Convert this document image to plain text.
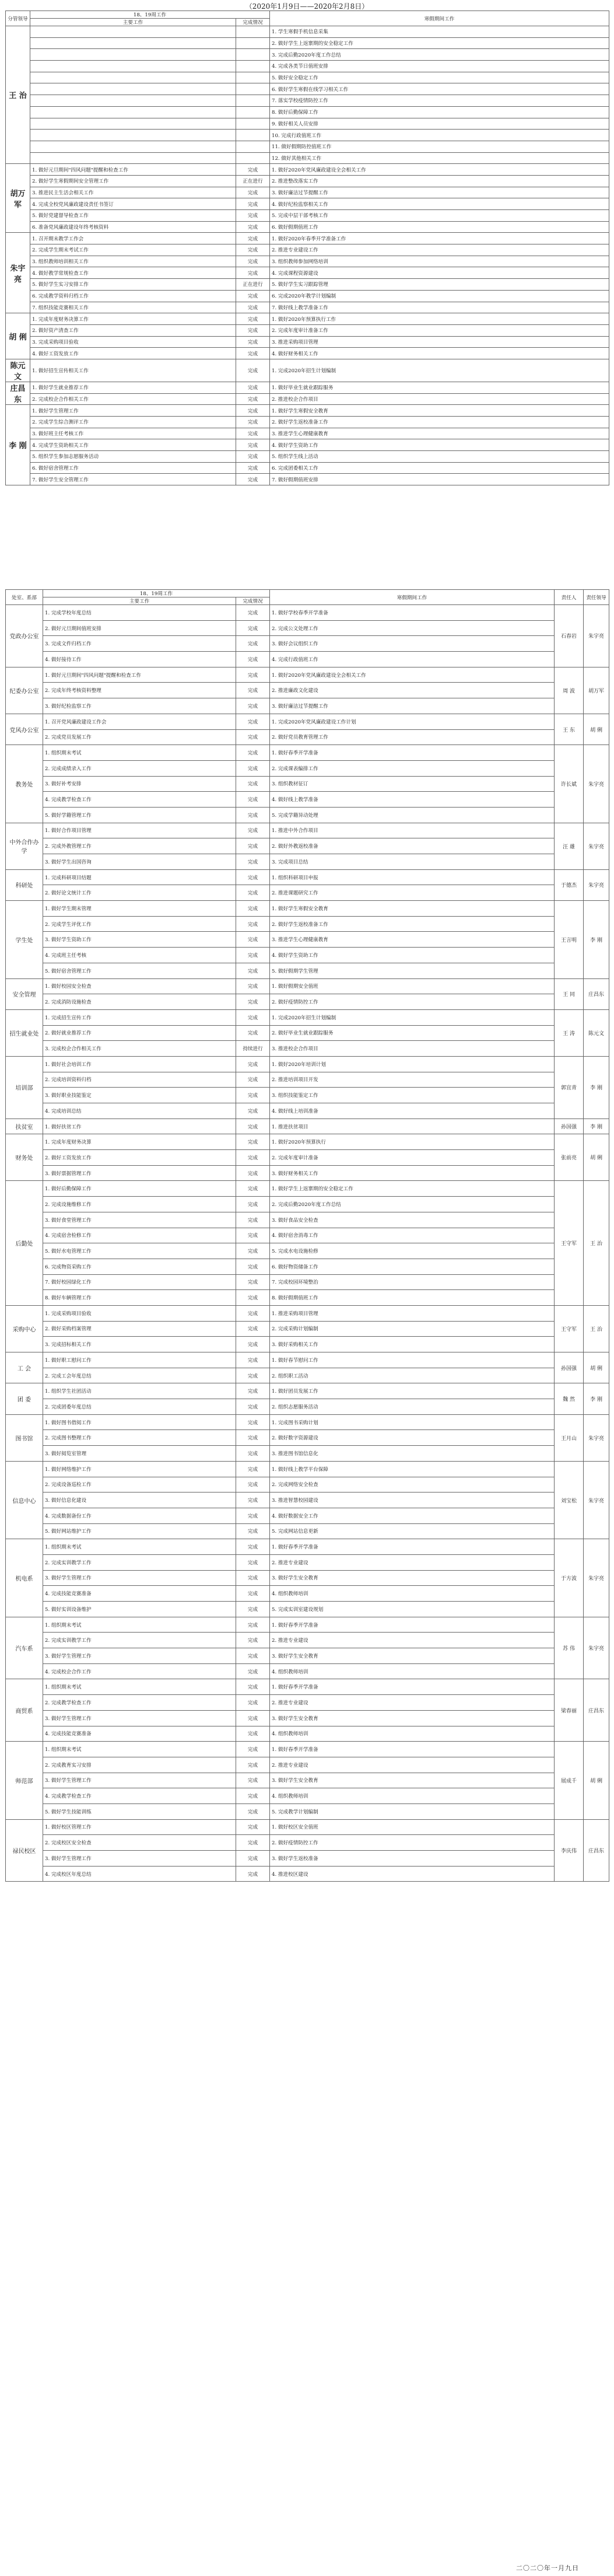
（2020年1月9日——2020年2月8日）
分管领导	18、19周工作		寒假期间工作
	主要工作	完成情况	
王 治			1. 学生寒假手机信息采集
			2. 做好学生上返寨期的安全稳定工作
			3. 完成后勤2020年度工作总结
			4. 完成各类节日值班安排
			5. 做好安全稳定工作
			6. 做好学生寒假在线学习相关工作
			7. 落实学校疫情防控工作
			8. 做好后勤保障工作
			9. 做好相关人员安排
			10. 完成行政值班工作
			11. 做好假期防控值班工作
			12. 做好其他相关工作
胡万军	1. 做好元旦期间"四风问题"提醒和检查工作	完成	1. 做好2020年党风廉政建设全会相关工作
	2. 做好学生寒假期间安全管理工作	正在进行	2. 推进整改落实工作
	3. 推进民主生活会相关工作	完成	3. 做好廉洁过节提醒工作
	4. 完成全校党风廉政建设责任书签订	完成	4. 做好纪检监察相关工作
	5. 做好党建督导检查工作	完成	5. 完成中层干部考核工作
	6. 准备党风廉政建设年终考核资料	完成	6. 做好假期值班工作
朱宇亮	1. 召开期末教学工作会	完成	1. 做好2020年春季开学准备工作
	2. 完成学生期末考试工作	完成	2. 推进专业建设工作
	3. 组织教师培训相关工作	完成	3. 组织教师参加网络培训
	4. 做好教学常规检查工作	完成	4. 完成课程资源建设
	5. 做好学生实习安排工作	正在进行	5. 做好学生实习跟踪管理
	6. 完成教学资料归档工作	完成	6. 完成2020年教学计划编制
	7. 组织技能竞赛相关工作	完成	7. 做好线上教学准备工作
胡 俐	1. 完成年度财务决算工作	完成	1. 做好2020年预算执行工作
	2. 做好资产清查工作	完成	2. 完成年度审计准备工作
	3. 完成采购项目验收	完成	3. 推进采购项目管理
	4. 做好工资发放工作	完成	4. 做好财务相关工作
陈元文	1. 做好招生宣传相关工作	完成	1. 完成2020年招生计划编制
庄昌东	1. 做好学生就业推荐工作	完成	1. 做好毕业生就业跟踪服务
	2. 完成校企合作相关工作	完成	2. 推进校企合作项目
李 刚	1. 做好学生管理工作	完成	1. 做好学生寒假安全教育
	2. 完成学生综合测评工作	完成	2. 做好学生返校准备工作
	3. 做好班主任考核工作	完成	3. 推进学生心理健康教育
	4. 完成学生资助相关工作	完成	4. 做好学生资助工作
	5. 组织学生参加志愿服务活动	完成	5. 组织学生线上活动
	6. 做好宿舍管理工作	完成	6. 完成团委相关工作
	7. 做好学生安全管理工作	完成	7. 做好假期值班安排
处室、系部	18、19周工作		寒假期间工作	责任人	责任领导
	主要工作	完成情况			
党政办公室	1. 完成学校年度总结	完成	1. 做好学校春季开学准备	石春岩	朱宇亮
	2. 做好元旦期间值班安排	完成	2. 完成公文处理工作		
	3. 完成文件归档工作	完成	3. 做好会议组织工作		
	4. 做好接待工作	完成	4. 完成行政值班工作		
纪委办公室	1. 做好元旦期间"四风问题"提醒和检查工作	完成	1. 做好2020年党风廉政建设全会相关工作	周 波	胡万军
	2. 完成年终考核资料整理	完成	2. 推进廉政文化建设		
	3. 做好纪检监察工作	完成	3. 做好廉洁过节提醒工作		
党风办公室	1. 召开党风廉政建设工作会	完成	1. 完成2020年党风廉政建设工作计划	王 东	胡 俐
	2. 完成党员发展工作	完成	2. 做好党员教育管理工作		
教务处	1. 组织期末考试	完成	1. 做好春季开学准备	许长斌	朱宇亮
	2. 完成成绩录入工作	完成	2. 完成课表编排工作		
	3. 做好补考安排	完成	3. 组织教材征订		
	4. 完成教学检查工作	完成	4. 做好线上教学准备		
	5. 做好学籍管理工作	完成	5. 完成学籍异动处理		
中外合作办学	1. 做好合作项目管理	完成	1. 推进中外合作项目	汪 雄	朱宇亮
	2. 完成外教管理工作	完成	2. 做好外教返校准备		
	3. 做好学生出国咨询	完成	3. 完成项目总结		
科研处	1. 完成科研项目结题	完成	1. 组织科研项目申报	于德杰	朱宇亮
	2. 做好论文统计工作	完成	2. 推进课题研究工作		
学生处	1. 做好学生期末管理	完成	1. 做好学生寒假安全教育	王言明	李 刚
	2. 完成学生评优工作	完成	2. 做好学生返校准备工作		
	3. 做好学生资助工作	完成	3. 推进学生心理健康教育		
	4. 完成班主任考核	完成	4. 做好学生资助工作		
	5. 做好宿舍管理工作	完成	5. 做好假期学生管理		
安全管理	1. 做好校园安全检查	完成	1. 做好假期安全值班	王 同	庄昌东
	2. 完成消防设施检查	完成	2. 做好疫情防控工作		
招生就业处	1. 完成招生宣传工作	完成	1. 完成2020年招生计划编制	王 涛	陈元文
	2. 做好就业推荐工作	完成	2. 做好毕业生就业跟踪服务		
	3. 完成校企合作相关工作	持续进行	3. 推进校企合作项目		
培训部	1. 做好社会培训工作	完成	1. 做好2020年培训计划	郭宜青	李 刚
	2. 完成培训资料归档	完成	2. 推进培训项目开发		
	3. 做好职业技能鉴定	完成	3. 组织技能鉴定工作		
	4. 完成培训总结	完成	4. 做好线上培训准备		
扶贫室	1. 做好扶贫工作	完成	1. 推进扶贫项目	孙国强	李 刚
财务处	1. 完成年度财务决算	完成	1. 做好2020年预算执行	张前亮	胡 俐
	2. 做好工资发放工作	完成	2. 完成年度审计准备		
	3. 做好票据管理工作	完成	3. 做好财务相关工作		
后勤处	1. 做好后勤保障工作	完成	1. 做好学生上返寨期的安全稳定工作	王守军	王 治
	2. 完成设施维修工作	完成	2. 完成后勤2020年度工作总结		
	3. 做好食堂管理工作	完成	3. 做好食品安全检查		
	4. 完成宿舍检修工作	完成	4. 做好宿舍消毒工作		
	5. 做好水电管理工作	完成	5. 完成水电设施检修		
	6. 完成物资采购工作	完成	6. 做好物资储备工作		
	7. 做好校园绿化工作	完成	7. 完成校园环境整治		
	8. 做好车辆管理工作	完成	8. 做好假期值班工作		
采购中心	1. 完成采购项目验收	完成	1. 推进采购项目管理	王守军	王 治
	2. 做好采购档案管理	完成	2. 完成采购计划编制		
	3. 完成招标相关工作	完成	3. 做好采购相关工作		
工 会	1. 做好职工慰问工作	完成	1. 做好春节慰问工作	孙国强	胡 俐
	2. 完成工会年度总结	完成	2. 组织职工活动		
团 委	1. 组织学生社团活动	完成	1. 做好团员发展工作	魏 然	李 刚
	2. 完成团委年度总结	完成	2. 组织志愿服务活动		
图书馆	1. 做好图书借阅工作	完成	1. 完成图书采购计划	王月山	朱宇亮
	2. 完成图书整理工作	完成	2. 做好数字资源建设		
	3. 做好阅览室管理	完成	3. 推进图书馆信息化		
信息中心	1. 做好网络维护工作	完成	1. 做好线上教学平台保障	刘宝松	朱宇亮
	2. 完成设备巡检工作	完成	2. 完成网络安全检查		
	3. 做好信息化建设	完成	3. 推进智慧校园建设		
	4. 完成数据备份工作	完成	4. 做好数据安全工作		
	5. 做好网站维护工作	完成	5. 完成网站信息更新		
机电系	1. 组织期末考试	完成	1. 做好春季开学准备	于方波	朱宇亮
	2. 完成实训教学工作	完成	2. 推进专业建设		
	3. 做好学生管理工作	完成	3. 做好学生安全教育		
	4. 完成技能竞赛准备	完成	4. 组织教师培训		
	5. 做好实训设备维护	完成	5. 完成实训室建设规划		
汽车系	1. 组织期末考试	完成	1. 做好春季开学准备	苏 伟	朱宇亮
	2. 完成实训教学工作	完成	2. 推进专业建设		
	3. 做好学生管理工作	完成	3. 做好学生安全教育		
	4. 完成校企合作工作	完成	4. 组织教师培训		
商贸系	1. 组织期末考试	完成	1. 做好春季开学准备	梁春丽	庄昌东
	2. 完成教学检查工作	完成	2. 推进专业建设		
	3. 做好学生管理工作	完成	3. 做好学生安全教育		
	4. 完成技能竞赛准备	完成	4. 组织教师培训		
师范部	1. 组织期末考试	完成	1. 做好春季开学准备	展成千	胡 俐
	2. 完成教育实习安排	完成	2. 推进专业建设		
	3. 做好学生管理工作	完成	3. 做好学生安全教育		
	4. 完成教学检查工作	完成	4. 组织教师培训		
	5. 做好学生技能训练	完成	5. 完成教学计划编制		
禄民校区	1. 做好校区管理工作	完成	1. 做好校区安全值班	李庆伟	庄昌东
	2. 完成校区安全检查	完成	2. 做好疫情防控工作		
	3. 做好学生管理工作	完成	3. 做好学生返校准备		
	4. 完成校区年度总结	完成	4. 推进校区建设		
二〇二〇年一月九日
